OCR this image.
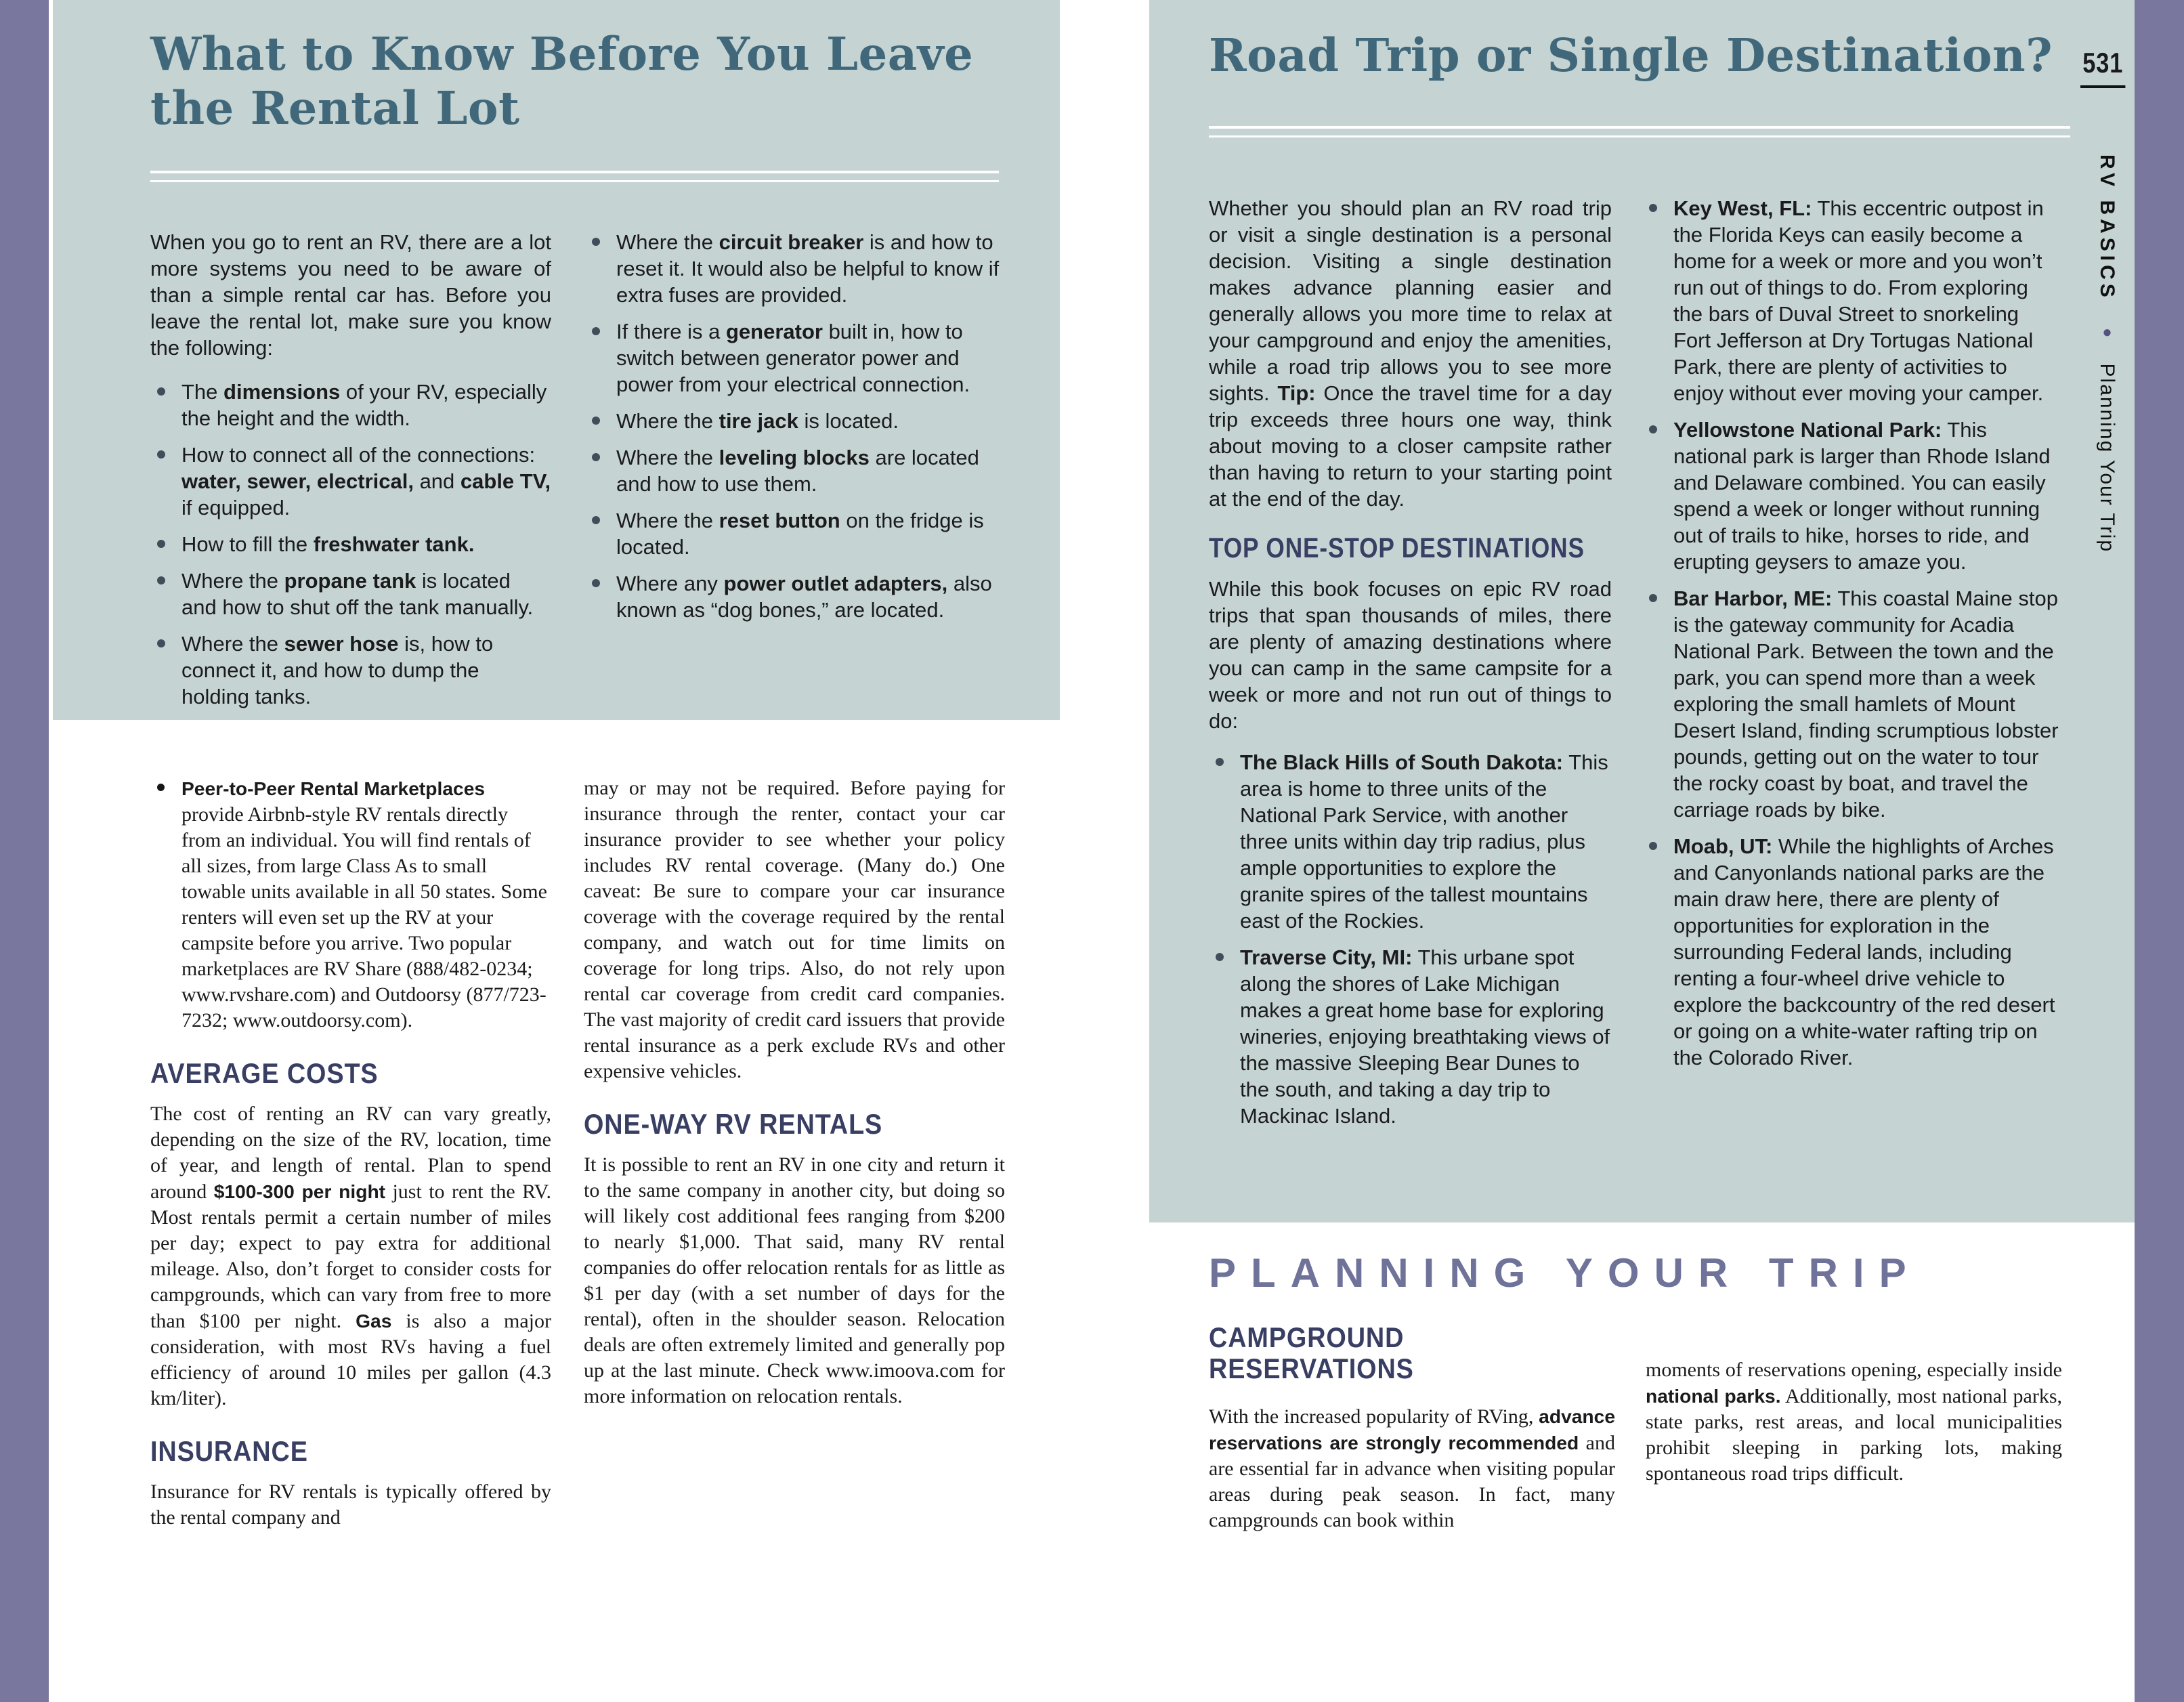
What to Know Before You Leave
the Rental Lot

When you go to rent an RV, there are a lot more systems you need to be aware of than a simple rental car has. Before you leave the rental lot, make sure you know the following:

The dimensions of your RV, especially the height and the width.
How to connect all of the connections: water, sewer, electrical, and cable TV, if equipped.
How to fill the freshwater tank.
Where the propane tank is located and how to shut off the tank manually.
Where the sewer hose is, how to connect it, and how to dump the holding tanks.
Where the circuit breaker is and how to reset it. It would also be helpful to know if extra fuses are provided.
If there is a generator built in, how to switch between generator power and power from your electrical connection.
Where the tire jack is located.
Where the leveling blocks are located and how to use them.
Where the reset button on the fridge is located.
Where any power outlet adapters, also known as “dog bones,” are located.
Peer-to-Peer Rental Marketplaces provide Airbnb-style RV rentals directly from an individual. You will find rentals of all sizes, from large Class As to small towable units available in all 50 states. Some renters will even set up the RV at your campsite before you arrive. Two popular marketplaces are RV Share (888/482-0234; www.rvshare.com) and Outdoorsy (877/723-7232; www.outdoorsy.com).
AVERAGE COSTS

The cost of renting an RV can vary greatly, depending on the size of the RV, location, time of year, and length of rental. Plan to spend around $100-300 per night just to rent the RV. Most rentals permit a certain number of miles per day; expect to pay extra for additional mileage. Also, don’t forget to consider costs for campgrounds, which can vary from free to more than $100 per night. Gas is also a major consideration, with most RVs having a fuel efficiency of around 10 miles per gallon (4.3 km/liter).

INSURANCE

Insurance for RV rentals is typically offered by the rental company and

may or may not be required. Before paying for insurance through the renter, contact your car insurance provider to see whether your policy includes RV rental coverage. (Many do.) One caveat: Be sure to compare your car insurance coverage with the coverage required by the rental company, and watch out for time limits on coverage for long trips. Also, do not rely upon rental car coverage from credit card companies. The vast majority of credit card issuers that provide rental insurance as a perk exclude RVs and other expensive vehicles.

ONE-WAY RV RENTALS

It is possible to rent an RV in one city and return it to the same company in another city, but doing so will likely cost additional fees ranging from $200 to nearly $1,000. That said, many RV rental companies do offer relocation rentals for as little as $1 per day (with a set number of days for the rental), often in the shoulder season. Relocation deals are often extremely limited and generally pop up at the last minute. Check www.imoova.com for more information on relocation rentals.

Road Trip or Single Destination?

Whether you should plan an RV road trip or visit a single destination is a personal decision. Visiting a single destination makes advance planning easier and generally allows you more time to relax at your campground and enjoy the amenities, while a road trip allows you to see more sights. Tip: Once the travel time for a day trip exceeds three hours one way, think about moving to a closer campsite rather than having to return to your starting point at the end of the day.

TOP ONE-STOP DESTINATIONS

While this book focuses on epic RV road trips that span thousands of miles, there are plenty of amazing destinations where you can camp in the same campsite for a week or more and not run out of things to do:

The Black Hills of South Dakota: This area is home to three units of the National Park Service, with another three units within day trip radius, plus ample opportunities to explore the granite spires of the tallest mountains east of the Rockies.
Traverse City, MI: This urbane spot along the shores of Lake Michigan makes a great home base for exploring wineries, enjoying breathtaking views of the massive Sleeping Bear Dunes to the south, and taking a day trip to Mackinac Island.
Key West, FL: This eccentric outpost in the Florida Keys can easily become a home for a week or more and you won’t run out of things to do. From exploring the bars of Duval Street to snorkeling Fort Jefferson at Dry Tortugas National Park, there are plenty of activities to enjoy without ever moving your camper.
Yellowstone National Park: This national park is larger than Rhode Island and Delaware combined. You can easily spend a week or longer without running out of trails to hike, horses to ride, and erupting geysers to amaze you.
Bar Harbor, ME: This coastal Maine stop is the gateway community for Acadia National Park. Between the town and the park, you can spend more than a week exploring the small hamlets of Mount Desert Island, finding scrumptious lobster pounds, getting out on the water to tour the rocky coast by boat, and travel the carriage roads by bike.
Moab, UT: While the highlights of Arches and Canyonlands national parks are the main draw here, there are plenty of opportunities for exploration in the surrounding Federal lands, including renting a four-wheel drive vehicle to explore the backcountry of the red desert or going on a white-water rafting trip on the Colorado River.
PLANNING YOUR TRIP
CAMPGROUND RESERVATIONS

With the increased popularity of RVing, advance reservations are strongly recommended and are essential far in advance when visiting popular areas during peak season. In fact, many campgrounds can book within

moments of reservations opening, especially inside national parks. Additionally, most national parks, state parks, rest areas, and local municipalities prohibit sleeping in parking lots, making spontaneous road trips difficult.

531
RV BASICS ● Planning Your Trip
